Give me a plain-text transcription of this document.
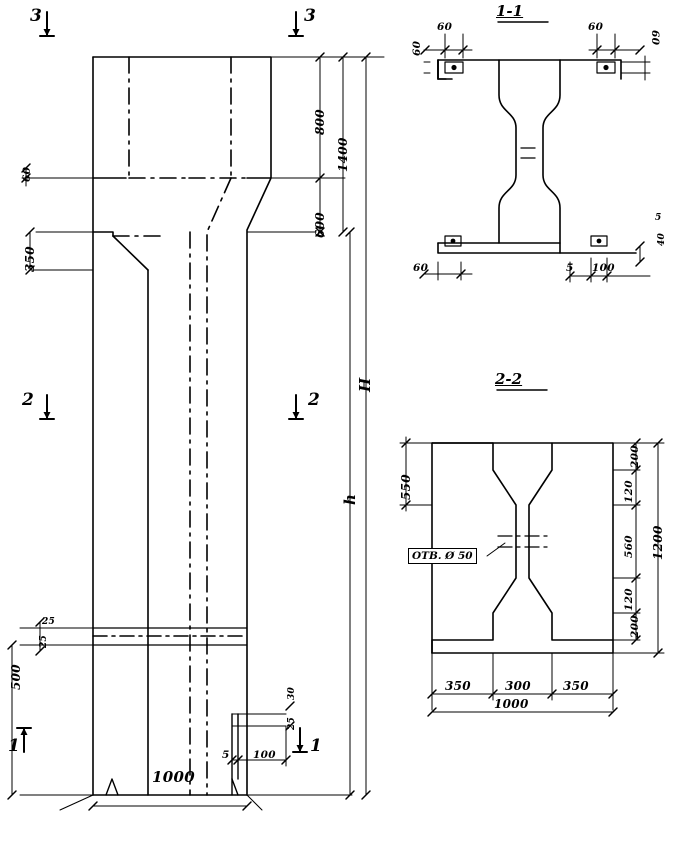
3	3
2	2
1	1
800
1400
600
H
h
60
350
500
25
25
1000
5 100
30
25
1-1
60
60
60
60
60	5 100
5
40
2-2
550
ОТВ. Ø 50
200
120
560
120
200
1200
350	300	350
1000
